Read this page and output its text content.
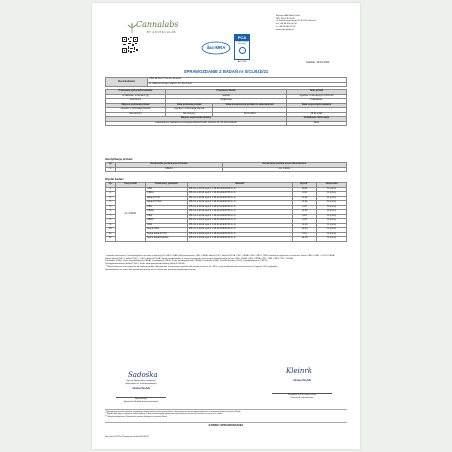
Cannalabs
BY EKOTECHLAB
ilac-MRA
PCA
Polskie Centrum Akredytacji
AB 1766
EkotechLAB Marek Klein
NIP: 584 245 00 80
ul. Samokrzewskiego 28, 80-301 Gdańsk
tel. +48 58 506 00 04
e: +48 58 586 13 22
www.cannalabs.pl
Gdańsk, 18.01.2021
SPRAWOZDANIE Z BADAŃ nr S/CL/61b/21
Zleceniodawca	CBD EFFECT Dorota Janerek
ul. Walzemmolego 14a/10, 87-100 Toruń
Podstawa wykonania badania	Przedmiot badań		Stan próbki
w zakresie, w ramach (§)	mełoza		zgodnie z instrukcją P-IV/PO-09
ZCL/61/21	Olejki/oleje		Prawidłowy
Miejsce pobrania próbek	Data pobrania próbek	Data dostarczenia próbek do laboratorium	Data rozpoczęcia badania
zgodnie z informacją Klienta	zgodnie z informacją Klienta		
Nie dotyczy	Nie dotyczy	18.01.2021	18.01.2021
Miejsce wykonania analizy			Dodatkowe informacje
Laboratorium badawcze-rozwojowe EkotechLAB, Fiszera 14, 80-231 Gdańsk			Brak
Identyfikacja próbek:
Lp.	Oznaczenie próbek przez Klienta	Oznaczenie próbek przez laboratorium
1.	CBD10	CLI 136/21
Wyniki badań:
Lp.	Kod próbki	Oznaczany parametr	Metoda*	Wynik**	Jednostka
1.	CLI 136/21	CBD	PB-CL-1:2019 wyd.3 z 28.09.2020/HPLC- A	11,81	% (m/m)
2.		CBDA	PB-CL-1:2019 wyd.3 z 28.09.2020/HPLC- A	0,03	% (m/m)
3.		delta-9-THC	PB-CL-1:2019 wyd.3 z 28.09.2020/HPLC- A	<0,01	% (m/m)
4.		delta-9-THCA	PB-CL-1:2019 wyd.3 z 28.09.2020/HPLC- A	<0,01	% (m/m)
5.		CBC	PB-CL-1:2019 wyd.3 z 28.09.2020/HPLC- A	0,23	% (m/m)
6.		CBGA	PB-CL-1:2019 wyd.3 z 28.09.2020/HPLC- A	<0,01	% (m/m)
7.		CBG	PB-CL-1:2019 wyd.3 z 28.09.2020/HPLC- A	0,23	% (m/m)
8.		CBDV	PB-CL-1:2019 wyd.3 z 28.09.2020/HPLC- A	0,05	% (m/m)
9.		CBN	PB-CL-1:2019 wyd.3 z 28.09.2020/HPLC- A	<0,01	% (m/m)
10.		Suma CBD	PB-CL-1:2019 wyd.3 z 28.09.2020/HPLC- A	11,84	% (m/m)
11.		Suma delta-9-THC	PB-CL-1:2019 wyd.3 z 28.09.2020/HPLC- A	0,14	% (m/m)
12.		Suma kanabinoidów	PB-CL-1:2019 wyd.3 z 28.09.2020/HPLC- A	12,54	% (m/m)
* metoda oznaczenia: Chromatografia cieczowa z detekcją UV (HPLC-DAD) dla parametrów: CBD, CBDA, delta-9-THC, delta-9-THCA, CBC, CBGA, CBG, CBDV, CBN; Informacje wyliczone ze wzorów: Suma CBD = CBD + 0,877×CBDA;
Suma delta-9-THC = delta-9-THC + 0,877×delta-9-THCA; Suma kanabinoidów = suma wszystkich oznaczonych kanabinoidów (w tym CBD, CBDA, CBG, CBGA, CBC, CBN, CBDV, THC, THCA);
Kanabidiol (CBD), Kwas kanabidiolowy (CBDA), Kanabigerol (CBG), Kwas kanabigerolowy (CBGA), Kanabinol (CBN), Kanabichromen (CBC), Kanabidiwaryna (CBDV);
Tetrahydrokanabinol (delta-9-THC), Kwas tetrahydrokanabinolowy (delta-9-THCA).
** Wyniki odnoszą się wyłącznie do badanej próbki. Niepewność rozszerzona wyników dla poziomu ufności ok. 95% i przy współczynniku rozszerzenia k=2 wynosi 10% względnie.
Sprawozdanie nie może być powielane inaczej niż w całości bez pisemnej zgody laboratorium.
Sadośka
Kgr inż. Aleksandra Ladzioska
Specjalista ds. Instrumentalnych
ekotechLAB
Sprawdził(a)
Specjalista Badań Instrumentalnych
Kleinrk
ekotechLAB
Kierownik m.l.dr. Marek Klein
Kierownik Laboratorium
* Sprawozdanie zostało wykonane na podstawie danych dostarczonych przez Klienta. Laboratorium nie ponosi odpowiedzialności za informacje dostarczone przez Klienta.
** Wyniki badań dotyczą wyłącznie próbek badanych. Bez pisemnej zgody laboratorium sprawozdanie nie może być powielane inaczej niż w całości.
*** Metoda akredytowana. Niepewność pomiaru dostępna na życzenie Klienta.
KONIEC SPRAWOZDANIA
Formularz F-02/P2-02 Obowiązuje od dnia 2020.05.28
